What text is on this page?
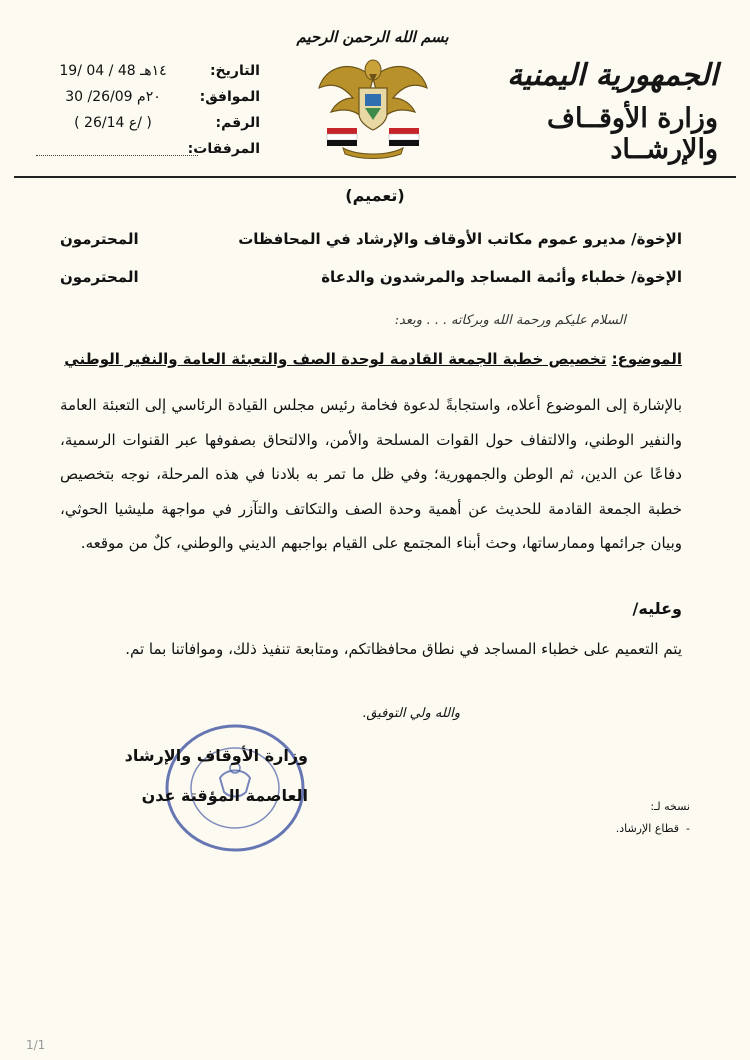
الجمهورية اليمنية
وزارة الأوقــاف والإرشــاد
بسم الله الرحمن الرحيم
التاريخ:
١٤هـ 48 / 04 /19
الموافق:
٢٠م 26/09/ 30
الرقم:
( ع 26/14/ )
المرفقات:
(تعميم)
الإخوة/ مديرو عموم مكاتب الأوقاف والإرشاد في المحافظات
المحترمون
الإخوة/ خطباء وأئمة المساجد والمرشدون والدعاة
المحترمون
السلام عليكم ورحمة الله وبركاته . . . وبعد:
الموضوع: تخصيص خطبة الجمعة القادمة لوحدة الصف والتعبئة العامة والنفير الوطني
بالإشارة إلى الموضوع أعلاه، واستجابةً لدعوة فخامة رئيس مجلس القيادة الرئاسي إلى التعبئة العامة والنفير الوطني، والالتفاف حول القوات المسلحة والأمن، والالتحاق بصفوفها عبر القنوات الرسمية، دفاعًا عن الدين، ثم الوطن والجمهورية؛ وفي ظل ما تمر به بلادنا في هذه المرحلة، نوجه بتخصيص خطبة الجمعة القادمة للحديث عن أهمية وحدة الصف والتكاتف والتآزر في مواجهة مليشيا الحوثي، وبيان جرائمها وممارساتها، وحث أبناء المجتمع على القيام بواجبهم الديني والوطني، كلٌ من موقعه.
وعليه/
يتم التعميم على خطباء المساجد في نطاق محافظاتكم، ومتابعة تنفيذ ذلك، وموافاتنا بما تم.
والله ولي التوفيق.
وزارة الأوقاف والإرشاد
العاصمة المؤقتة عدن
نسخه لـ:
-  قطاع الإرشاد.
1/1
